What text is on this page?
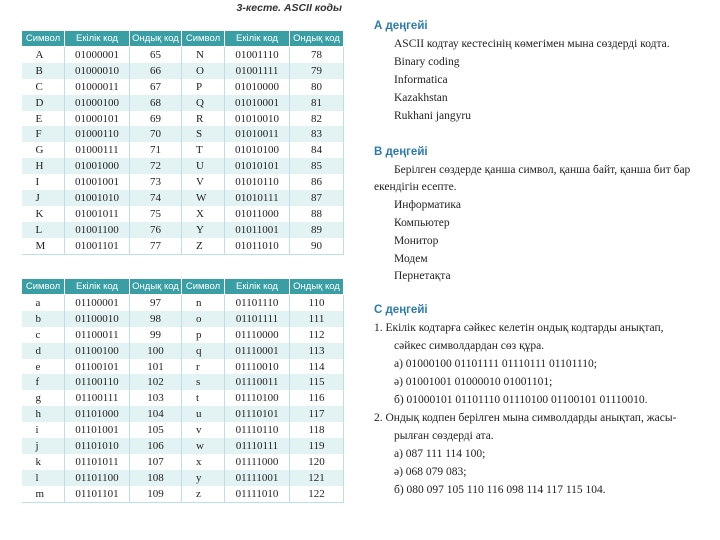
3-кесте. ASCII коды
Символ	Екілік код	Ондық код	Символ	Екілік код	Ондық код
A	01000001	65	N	01001110	78
B	01000010	66	O	01001111	79
C	01000011	67	P	01010000	80
D	01000100	68	Q	01010001	81
E	01000101	69	R	01010010	82
F	01000110	70	S	01010011	83
G	01000111	71	T	01010100	84
H	01001000	72	U	01010101	85
I	01001001	73	V	01010110	86
J	01001010	74	W	01010111	87
K	01001011	75	X	01011000	88
L	01001100	76	Y	01011001	89
M	01001101	77	Z	01011010	90
Символ	Екілік код	Ондық код	Символ	Екілік код	Ондық код
a	01100001	97	n	01101110	110
b	01100010	98	o	01101111	111
c	01100011	99	p	01110000	112
d	01100100	100	q	01110001	113
e	01100101	101	r	01110010	114
f	01100110	102	s	01110011	115
g	01100111	103	t	01110100	116
h	01101000	104	u	01110101	117
i	01101001	105	v	01110110	118
j	01101010	106	w	01110111	119
k	01101011	107	x	01111000	120
l	01101100	108	y	01111001	121
m	01101101	109	z	01111010	122
А деңгейі
ASCII кодтау кестесінің көмегімен мына сөздерді кодта.
Binary coding
Informatica
Kazakhstan
Rukhani jangyru
В деңгейі
Берілген сөздерде қанша символ, қанша байт, қанша бит бар
екендігін есепте.
Информатика
Компьютер
Монитор
Модем
Пернетақта
С деңгейі
1. Екілік кодтарға сәйкес келетін ондық кодтарды анықтап,
сәйкес символдардан сөз құра.
а) 01000100 01101111 01110111 01101110;
ә) 01001001 01000010 01001101;
б) 01000101 01101110 01110100 01100101 01110010.
2. Ондық кодпен берілген мына символдарды анықтап, жасы-
рылған сөздерді ата.
а) 087 111 114 100;
ә) 068 079 083;
б) 080 097 105 110 116 098 114 117 115 104.
